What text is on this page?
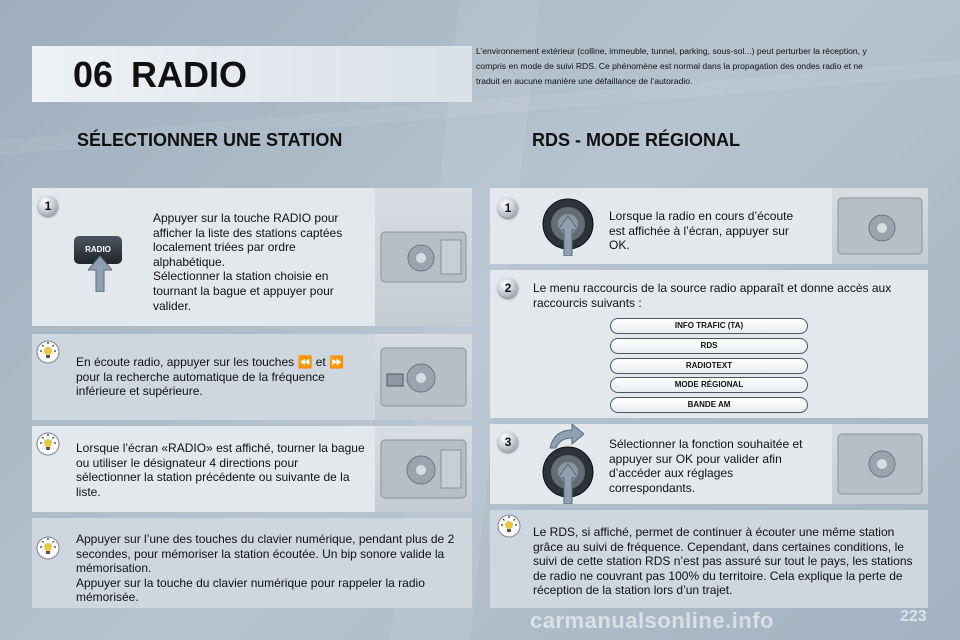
06 RADIO
L’environnement extérieur (colline, immeuble, tunnel, parking, sous-sol...) peut perturber la réception, y compris en mode de suivi RDS. Ce phénomène est normal dans la propagation des ondes radio et ne traduit en aucune manière une défaillance de l’autoradio.
SÉLECTIONNER UNE STATION	RDS - MODE RÉGIONAL
1
RADIO
Appuyer sur la touche RADIO pour afficher la liste des stations captées localement triées par ordre alphabétique.
Sélectionner la station choisie en tournant la bague et appuyer pour valider.
En écoute radio, appuyer sur les touches ⏪ et ⏩ pour la recherche automatique de la fréquence inférieure et supérieure.
Lorsque l’écran «RADIO» est affiché, tourner la bague ou utiliser le désignateur 4 directions pour sélectionner la station précédente ou suivante de la liste.
Appuyer sur l’une des touches du clavier numérique, pendant plus de 2 secondes, pour mémoriser la station écoutée. Un bip sonore valide la mémorisation.
Appuyer sur la touche du clavier numérique pour rappeler la radio mémorisée.
1
Lorsque la radio en cours d’écoute est affichée à l’écran, appuyer sur OK.
2	Le menu raccourcis de la source radio apparaît et donne accès aux raccourcis suivants :
INFO TRAFIC (TA)
RDS
RADIOTEXT
MODE RÉGIONAL
BANDE AM
3	Sélectionner la fonction souhaitée et appuyer sur OK pour valider afin d’accéder aux réglages correspondants.
Le RDS, si affiché, permet de continuer à écouter une même station grâce au suivi de fréquence. Cependant, dans certaines conditions, le suivi de cette station RDS n’est pas assuré sur tout le pays, les stations de radio ne couvrant pas 100% du territoire. Cela explique la perte de réception de la station lors d’un trajet.
carmanualsonline.info	223
